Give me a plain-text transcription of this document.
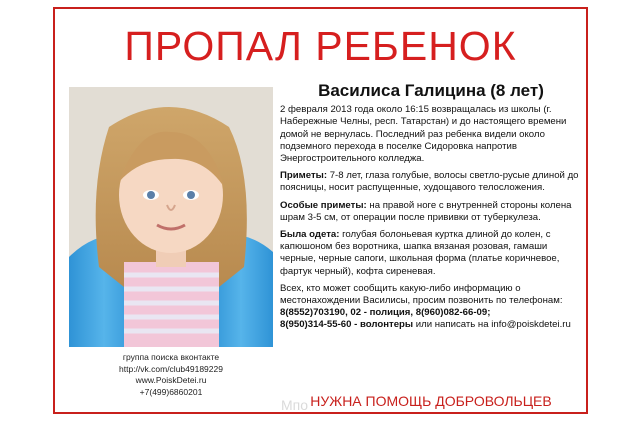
ПРОПАЛ РЕБЕНОК
группа поиска вконтакте
http://vk.com/club49189229
www.PoiskDetei.ru
+7(499)6860201
Василиса Галицина (8 лет)

2 февраля 2013 года около 16:15 возвращалась из школы (г. Набережные Челны, респ. Татарстан) и до настоящего времени домой не вернулась. Последний раз ребенка видели около подземного перехода в поселке Сидоровка напротив Энергостроительного колледжа.

Приметы: 7-8 лет, глаза голубые, волосы светло-русые длиной до поясницы, носит распущенные, худощавого телосложения.

Особые приметы: на правой ноге с внутренней стороны колена шрам 3-5 см, от операции после прививки от туберкулеза.

Была одета: голубая болоньевая куртка длиной до колен, с капюшоном без воротника, шапка вязаная розовая, гамаши черные, черные сапоги, школьная форма (платье коричневое, фартук черный), кофта сиреневая.

Всех, кто может сообщить какую-либо информацию о местонахождении Василисы, просим позвонить по телефонам:
8(8552)703190, 02 - полиция, 8(960)082-66-09;
8(950)314-55-60 - волонтеры или написать на info@poiskdetei.ru
Мпо НУЖНА ПОМОЩЬ ДОБРОВОЛЬЦЕВ
